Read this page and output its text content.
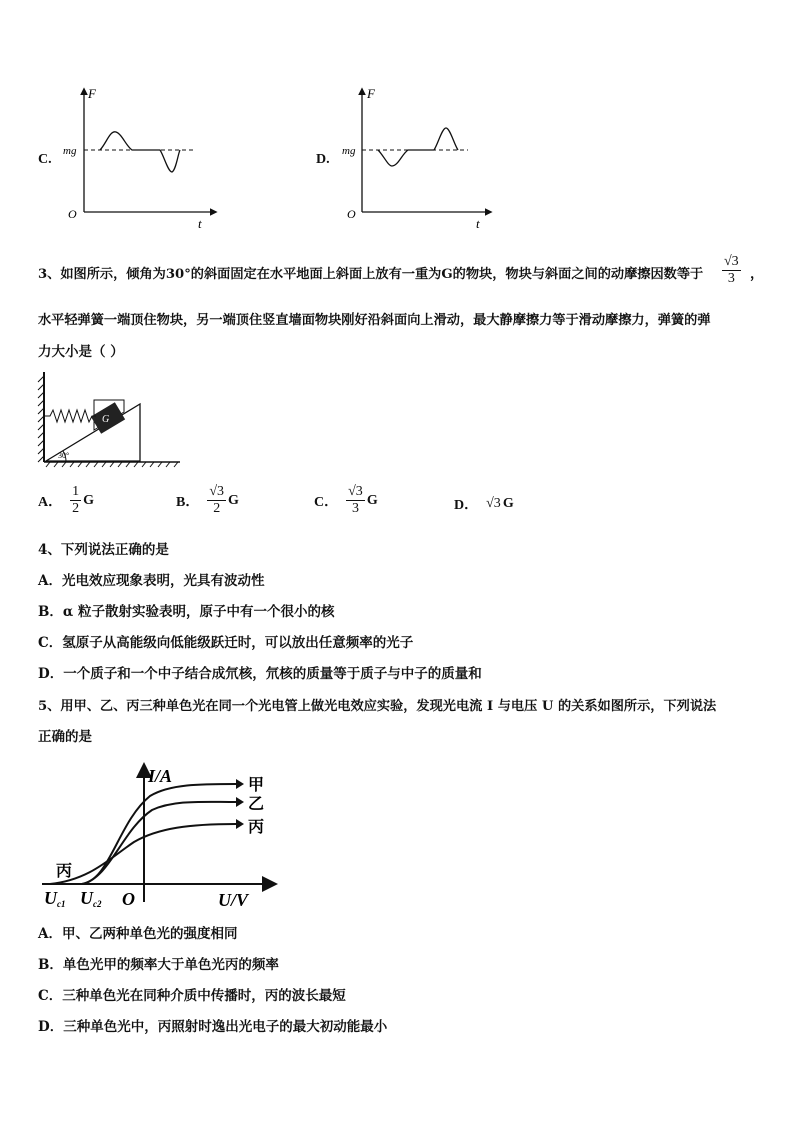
C.
F
t
O
mg
D.
F
t
O
mg
3、如图所示，倾角为30°的斜面固定在水平地面上斜面上放有一重为G的物块，物块与斜面之间的动摩擦因数等于 $\frac{√3}{3}$ ，
水平轻弹簧一端顶住物块，另一端顶住竖直墙面物块刚好沿斜面向上滑动，最大静摩擦力等于滑动摩擦力，弹簧的弹
力大小是（ ）
G
30°
A． $\frac{1}{2}$ G	B． $\frac{√3}{2}$ G	C． $\frac{√3}{3}$ G	D． √3 G
4、下列说法正确的是
A．光电效应现象表明，光具有波动性
B．α 粒子散射实验表明，原子中有一个很小的核
C．氢原子从高能级向低能级跃迁时，可以放出任意频率的光子
D．一个质子和一个中子结合成氘核，氘核的质量等于质子与中子的质量和
5、用甲、乙、丙三种单色光在同一个光电管上做光电效应实验，发现光电流 I 与电压 U 的关系如图所示，下列说法
正确的是
I/A
U/V
O
甲
乙
丙
丙
Uc1 Uc2
A．甲、乙两种单色光的强度相同
B．单色光甲的频率大于单色光丙的频率
C．三种单色光在同种介质中传播时，丙的波长最短
D．三种单色光中，丙照射时逸出光电子的最大初动能最小
